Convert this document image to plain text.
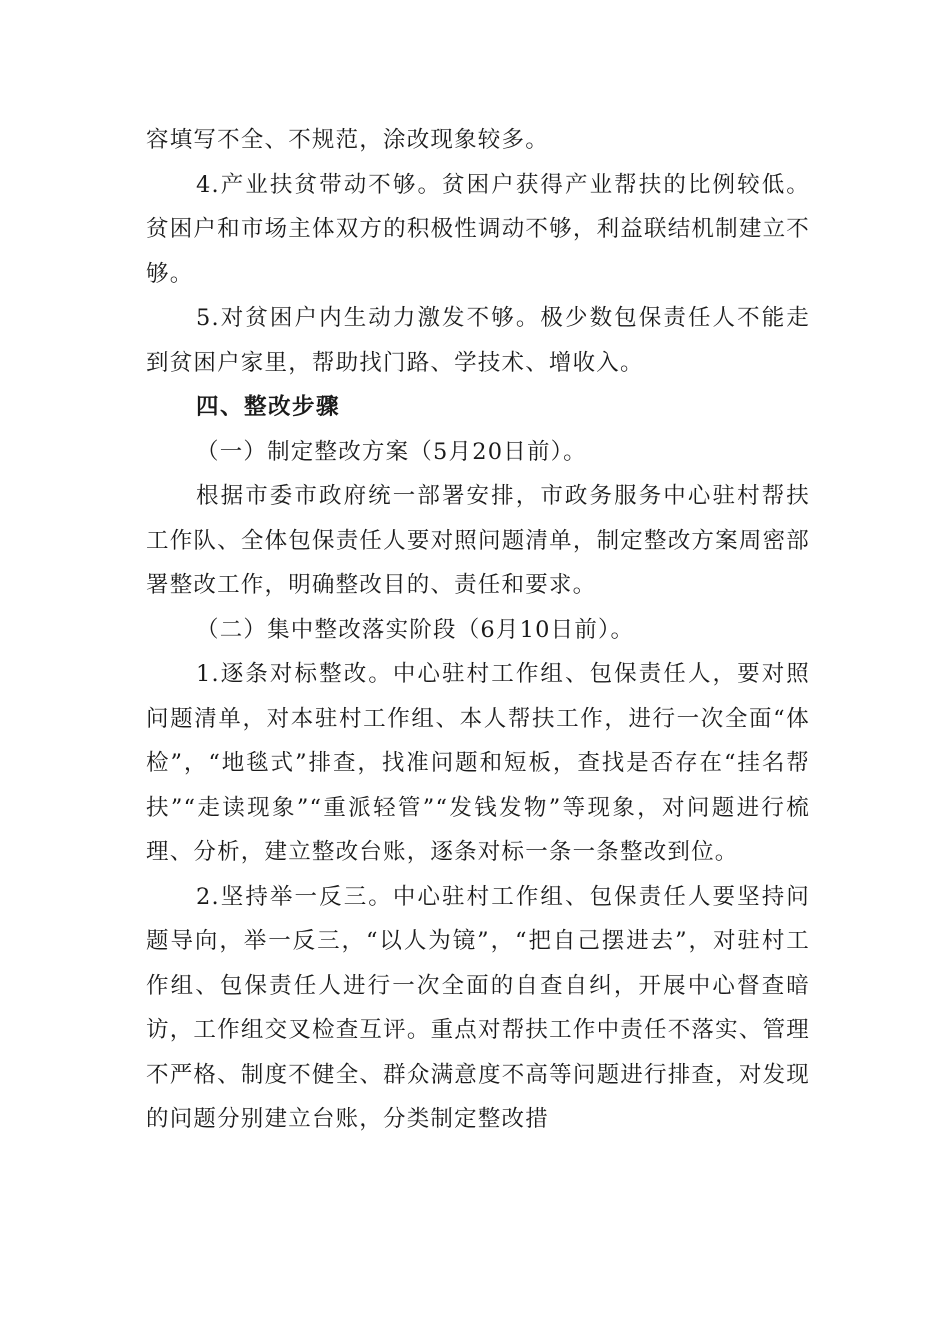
容填写不全、不规范，涂改现象较多。

4.产业扶贫带动不够。贫困户获得产业帮扶的比例较低。贫困户和市场主体双方的积极性调动不够，利益联结机制建立不够。

5.对贫困户内生动力激发不够。极少数包保责任人不能走到贫困户家里，帮助找门路、学技术、增收入。

四、整改步骤

（一）制定整改方案（5月20日前）。

根据市委市政府统一部署安排，市政务服务中心驻村帮扶工作队、全体包保责任人要对照问题清单，制定整改方案周密部署整改工作，明确整改目的、责任和要求。

（二）集中整改落实阶段（6月10日前）。

1.逐条对标整改。中心驻村工作组、包保责任人，要对照问题清单，对本驻村工作组、本人帮扶工作，进行一次全面“体检”，“地毯式”排查，找准问题和短板，查找是否存在“挂名帮扶”“走读现象”“重派轻管”“发钱发物”等现象，对问题进行梳理、分析，建立整改台账，逐条对标一条一条整改到位。

2.坚持举一反三。中心驻村工作组、包保责任人要坚持问题导向，举一反三，“以人为镜”，“把自己摆进去”，对驻村工作组、包保责任人进行一次全面的自查自纠，开展中心督查暗访，工作组交叉检查互评。重点对帮扶工作中责任不落实、管理不严格、制度不健全、群众满意度不高等问题进行排查，对发现的问题分别建立台账，分类制定整改措
